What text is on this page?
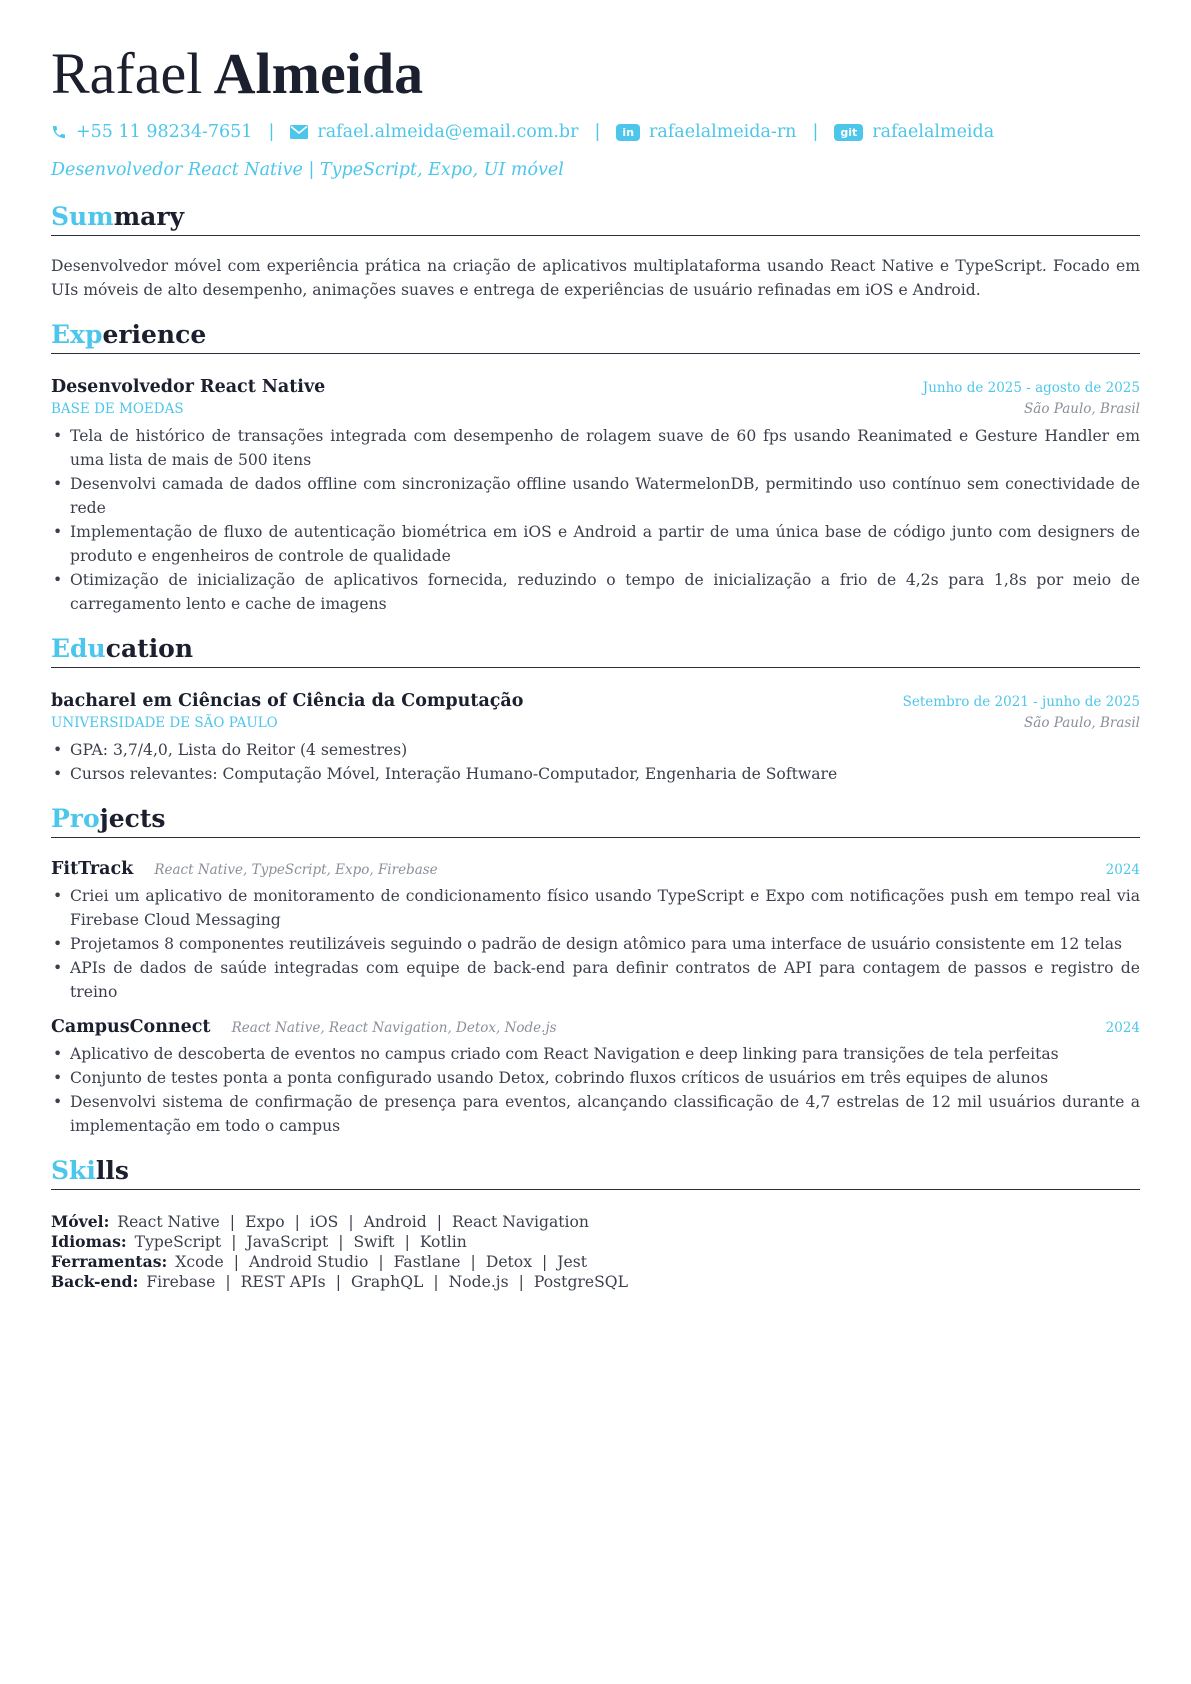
Rafael Almeida
+55 11 98234-7651 | rafael.almeida@email.com.br |	in rafaelalmeida-rn |	git rafaelalmeida
Desenvolvedor React Native | TypeScript, Expo, UI móvel
Summary
Desenvolvedor móvel com experiência prática na criação de aplicativos multiplataforma usando React Native e TypeScript. Focado em UIs móveis de alto desempenho, animações suaves e entrega de experiências de usuário refinadas em iOS e Android.
Experience
Desenvolvedor React Native	Junho de 2025 - agosto de 2025
BASE DE MOEDAS	São Paulo, Brasil
• Tela de histórico de transações integrada com desempenho de rolagem suave de 60 fps usando Reanimated e Gesture Handler em uma lista de mais de 500 itens
• Desenvolvi camada de dados offline com sincronização offline usando WatermelonDB, permitindo uso contínuo sem conectividade de rede
• Implementação de fluxo de autenticação biométrica em iOS e Android a partir de uma única base de código junto com designers de produto e engenheiros de controle de qualidade
• Otimização de inicialização de aplicativos fornecida, reduzindo o tempo de inicialização a frio de 4,2s para 1,8s por meio de carregamento lento e cache de imagens
Education
bacharel em Ciências of Ciência da Computação	Setembro de 2021 - junho de 2025
UNIVERSIDADE DE SÃO PAULO	São Paulo, Brasil
• GPA: 3,7/4,0, Lista do Reitor (4 semestres)
• Cursos relevantes: Computação Móvel, Interação Humano-Computador, Engenharia de Software
Projects
FitTrack React Native, TypeScript, Expo, Firebase	2024
• Criei um aplicativo de monitoramento de condicionamento físico usando TypeScript e Expo com notificações push em tempo real via Firebase Cloud Messaging
• Projetamos 8 componentes reutilizáveis seguindo o padrão de design atômico para uma interface de usuário consistente em 12 telas
• APIs de dados de saúde integradas com equipe de back-end para definir contratos de API para contagem de passos e registro de treino
CampusConnect React Native, React Navigation, Detox, Node.js	2024
• Aplicativo de descoberta de eventos no campus criado com React Navigation e deep linking para transições de tela perfeitas
• Conjunto de testes ponta a ponta configurado usando Detox, cobrindo fluxos críticos de usuários em três equipes de alunos
• Desenvolvi sistema de confirmação de presença para eventos, alcançando classificação de 4,7 estrelas de 12 mil usuários durante a implementação em todo o campus
Skills
Móvel: React Native | Expo | iOS | Android | React Navigation
Idiomas: TypeScript | JavaScript | Swift | Kotlin
Ferramentas: Xcode | Android Studio | Fastlane | Detox | Jest
Back-end: Firebase | REST APIs | GraphQL | Node.js | PostgreSQL
